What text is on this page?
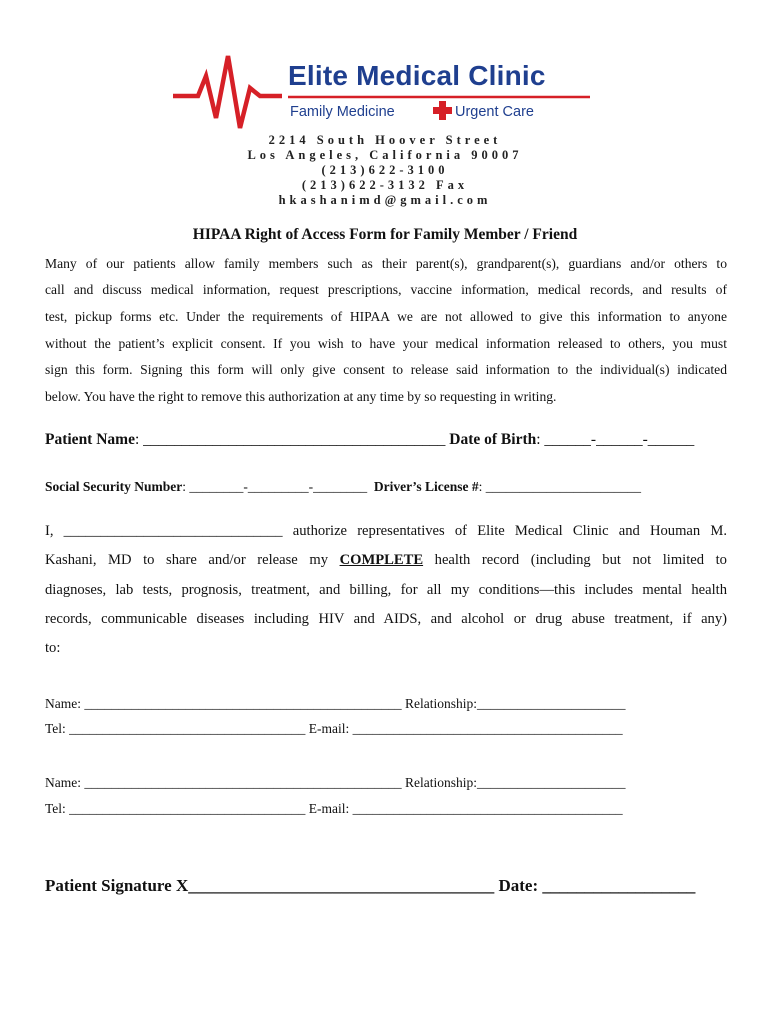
Elite Medical Clinic
Family Medicine	Urgent Care
2214 South Hoover Street
Los Angeles, California 90007
(213)622-3100
(213)622-3132 Fax
hkashanimd@gmail.com
HIPAA Right of Access Form for Family Member / Friend
Many of our patients allow family members such as their parent(s), grandparent(s), guardians and/or others to
call and discuss medical information, request prescriptions, vaccine information, medical records, and results of
test, pickup forms etc. Under the requirements of HIPAA we are not allowed to give this information to anyone
without the patient’s explicit consent. If you wish to have your medical information released to others, you must
sign this form. Signing this form will only give consent to release said information to the individual(s) indicated
below. You have the right to remove this authorization at any time by so requesting in writing.
Patient Name: _______________________________________ Date of Birth: ______-______-______
Social Security Number: ________-_________-________ Driver’s License #: _______________________
I, ______________________________ authorize representatives of Elite Medical Clinic and Houman M.
Kashani, MD to share and/or release my COMPLETE health record (including but not limited to
diagnoses, lab tests, prognosis, treatment, and billing, for all my conditions—this includes mental health
records, communicable diseases including HIV and AIDS, and alcohol or drug abuse treatment, if any)
to:
Name: _______________________________________________ Relationship:______________________
Tel: ___________________________________ E-mail: ________________________________________
Name: _______________________________________________ Relationship:______________________
Tel: ___________________________________ E-mail: ________________________________________
Patient Signature X____________________________________ Date: __________________
